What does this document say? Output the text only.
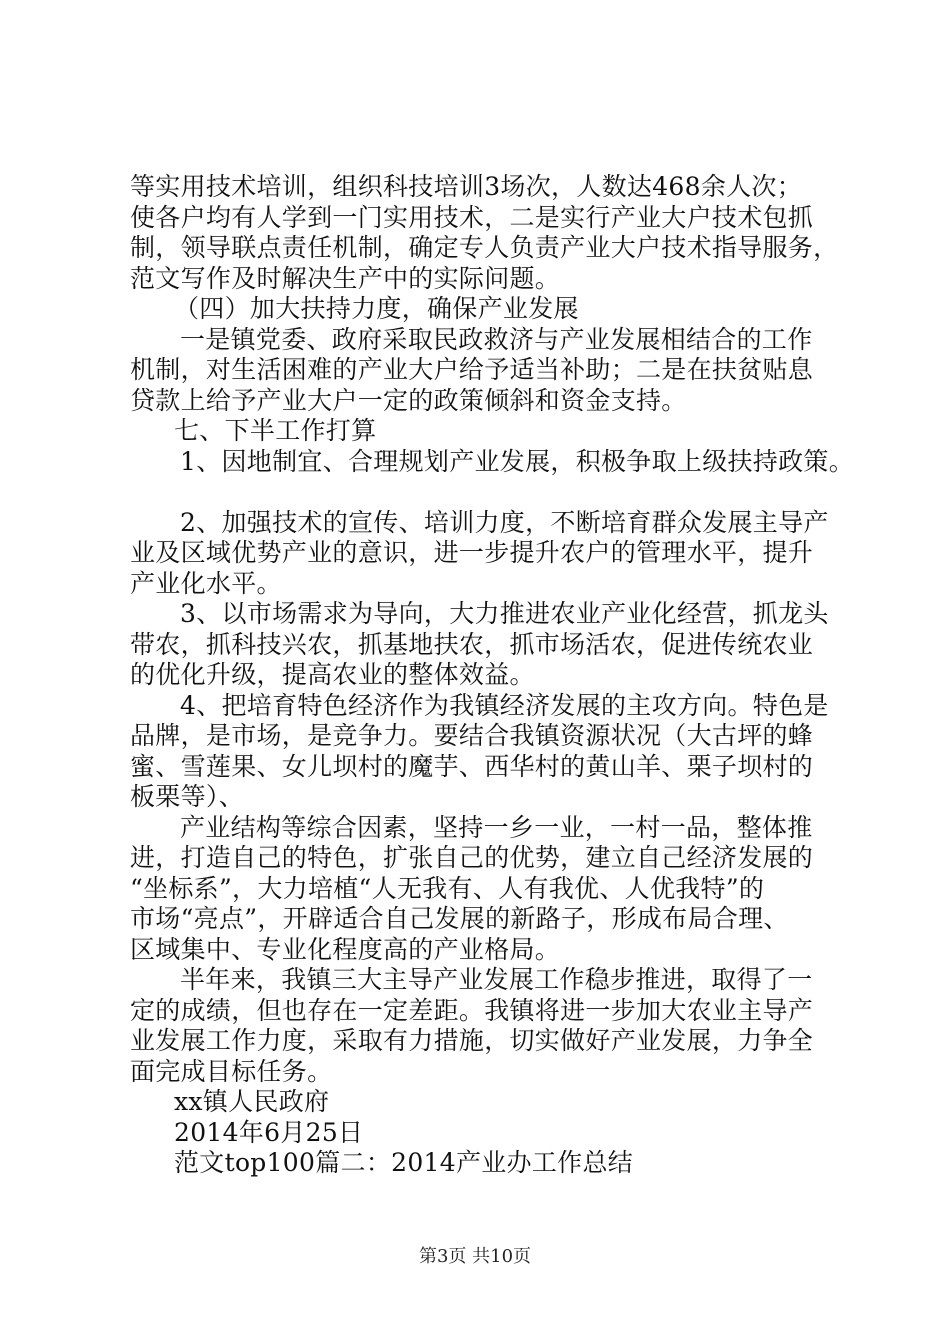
等实用技术培训，组织科技培训3场次，人数达468余人次；
使各户均有人学到一门实用技术，二是实行产业大户技术包抓
制，领导联点责任机制，确定专人负责产业大户技术指导服务，
范文写作及时解决生产中的实际问题。
（四）加大扶持力度，确保产业发展
一是镇党委、政府采取民政救济与产业发展相结合的工作
机制，对生活困难的产业大户给予适当补助；二是在扶贫贴息
贷款上给予产业大户一定的政策倾斜和资金支持。
七、下半工作打算
1、因地制宜、合理规划产业发展，积极争取上级扶持政策。
2、加强技术的宣传、培训力度，不断培育群众发展主导产
业及区域优势产业的意识，进一步提升农户的管理水平，提升
产业化水平。
3、以市场需求为导向，大力推进农业产业化经营，抓龙头
带农，抓科技兴农，抓基地扶农，抓市场活农，促进传统农业
的优化升级，提高农业的整体效益。
4、把培育特色经济作为我镇经济发展的主攻方向。特色是
品牌，是市场，是竞争力。要结合我镇资源状况（大古坪的蜂
蜜、雪莲果、女儿坝村的魔芋、西华村的黄山羊、栗子坝村的
板栗等）、
产业结构等综合因素，坚持一乡一业，一村一品，整体推
进，打造自己的特色，扩张自己的优势，建立自己经济发展的
“坐标系”，大力培植“人无我有、人有我优、人优我特”的
市场“亮点”，开辟适合自己发展的新路子，形成布局合理、
区域集中、专业化程度高的产业格局。
半年来，我镇三大主导产业发展工作稳步推进，取得了一
定的成绩，但也存在一定差距。我镇将进一步加大农业主导产
业发展工作力度，采取有力措施，切实做好产业发展，力争全
面完成目标任务。
xx镇人民政府
2014年6月25日
范文top100篇二：2014产业办工作总结
第3页 共10页
